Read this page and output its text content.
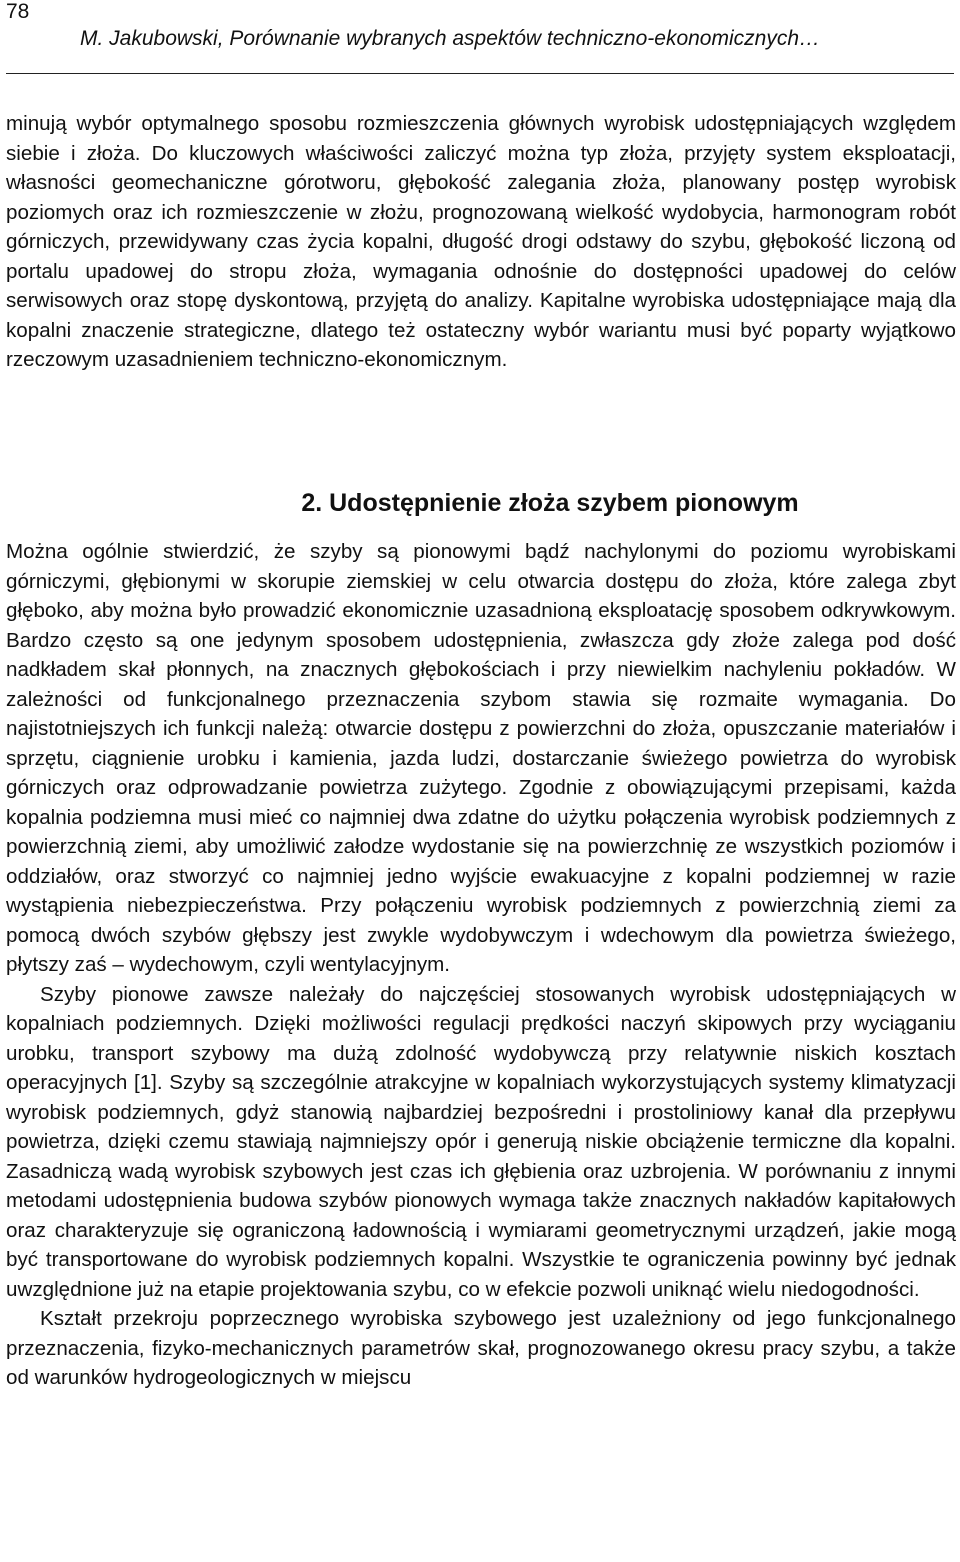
78
M. Jakubowski, Porównanie wybranych aspektów techniczno-ekonomicznych…

minują wybór optymalnego sposobu rozmieszczenia głównych wyrobisk udostępniających względem siebie i złoża. Do kluczowych właściwości zaliczyć można typ złoża, przyjęty system eksploatacji, własności geomechaniczne górotworu, głębokość zalegania złoża, planowany postęp wyrobisk poziomych oraz ich rozmieszczenie w złożu, prognozowaną wielkość wydobycia, harmonogram robót górniczych, przewidywany czas życia kopalni, długość drogi odstawy do szybu, głębokość liczoną od portalu upadowej do stropu złoża, wymagania odnośnie do dostępności upadowej do celów serwisowych oraz stopę dyskontową, przyjętą do analizy. Kapitalne wyrobiska udostępniające mają dla kopalni znaczenie strategiczne, dlatego też ostateczny wybór wariantu musi być poparty wyjątkowo rzeczowym uzasadnieniem techniczno-ekonomicznym.

2. Udostępnienie złoża szybem pionowym

Można ogólnie stwierdzić, że szyby są pionowymi bądź nachylonymi do poziomu wyrobiskami górniczymi, głębionymi w skorupie ziemskiej w celu otwarcia dostępu do złoża, które zalega zbyt głęboko, aby można było prowadzić ekonomicznie uzasadnioną eksploatację sposobem odkrywkowym. Bardzo często są one jedynym sposobem udostępnienia, zwłaszcza gdy złoże zalega pod dość nadkładem skał płonnych, na znacznych głębokościach i przy niewielkim nachyleniu pokładów. W zależności od funkcjonalnego przeznaczenia szybom stawia się rozmaite wymagania. Do najistotniejszych ich funkcji należą: otwarcie dostępu z powierzchni do złoża, opuszczanie materiałów i sprzętu, ciągnienie urobku i kamienia, jazda ludzi, dostarczanie świeżego powietrza do wyrobisk górniczych oraz odprowadzanie powietrza zużytego. Zgodnie z obowiązującymi przepisami, każda kopalnia podziemna musi mieć co najmniej dwa zdatne do użytku połączenia wyrobisk podziemnych z powierzchnią ziemi, aby umożliwić załodze wydostanie się na powierzchnię ze wszystkich poziomów i oddziałów, oraz stworzyć co najmniej jedno wyjście ewakuacyjne z kopalni podziemnej w razie wystąpienia niebezpieczeństwa. Przy połączeniu wyrobisk podziemnych z powierzchnią ziemi za pomocą dwóch szybów głębszy jest zwykle wydobywczym i wdechowym dla powietrza świeżego, płytszy zaś – wydechowym, czyli wentylacyjnym.

Szyby pionowe zawsze należały do najczęściej stosowanych wyrobisk udostępniających w kopalniach podziemnych. Dzięki możliwości regulacji prędkości naczyń skipowych przy wyciąganiu urobku, transport szybowy ma dużą zdolność wydobywczą przy relatywnie niskich kosztach operacyjnych [1]. Szyby są szczególnie atrakcyjne w kopalniach wykorzystujących systemy klimatyzacji wyrobisk podziemnych, gdyż stanowią najbardziej bezpośredni i prostoliniowy kanał dla przepływu powietrza, dzięki czemu stawiają najmniejszy opór i generują niskie obciążenie termiczne dla kopalni. Zasadniczą wadą wyrobisk szybowych jest czas ich głębienia oraz uzbrojenia. W porównaniu z innymi metodami udostępnienia budowa szybów pionowych wymaga także znacznych nakładów kapitałowych oraz charakteryzuje się ograniczoną ładownością i wymiarami geometrycznymi urządzeń, jakie mogą być transportowane do wyrobisk podziemnych kopalni. Wszystkie te ograniczenia powinny być jednak uwzględnione już na etapie projektowania szybu, co w efekcie pozwoli uniknąć wielu niedogodności.

Kształt przekroju poprzecznego wyrobiska szybowego jest uzależniony od jego funkcjonalnego przeznaczenia, fizyko-mechanicznych parametrów skał, prognozowanego okresu pracy szybu, a także od warunków hydrogeologicznych w miejscu
